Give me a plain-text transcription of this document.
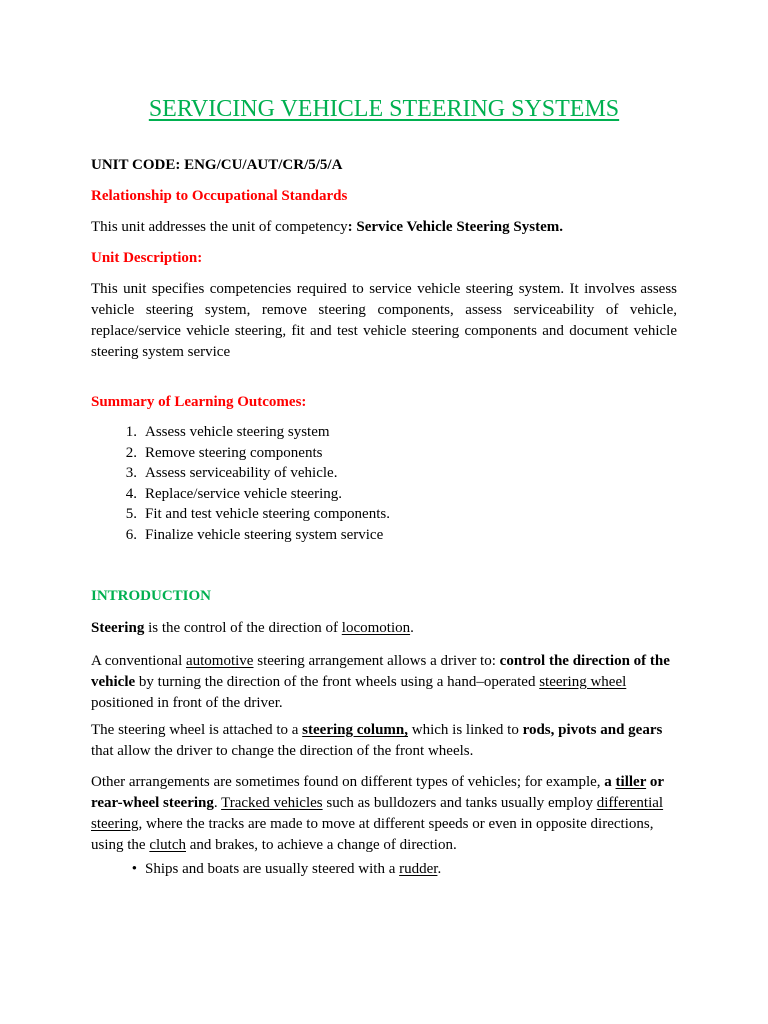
SERVICING VEHICLE STEERING SYSTEMS

UNIT CODE: ENG/CU/AUT/CR/5/5/A

Relationship to Occupational Standards

This unit addresses the unit of competency: Service Vehicle Steering System.

Unit Description:

This unit specifies competencies required to service vehicle steering system. It involves assess vehicle steering system, remove steering components, assess serviceability of vehicle, replace/service vehicle steering, fit and test vehicle steering components and document vehicle steering system service

Summary of Learning Outcomes:

1. Assess vehicle steering system
2. Remove steering components
3. Assess serviceability of vehicle.
4. Replace/service vehicle steering.
5. Fit and test vehicle steering components.
6. Finalize vehicle steering system service

INTRODUCTION

Steering is the control of the direction of locomotion.

A conventional automotive steering arrangement allows a driver to: control the direction of the vehicle by turning the direction of the front wheels using a hand–operated steering wheel positioned in front of the driver.

The steering wheel is attached to a steering column, which is linked to rods, pivots and gears that allow the driver to change the direction of the front wheels.

Other arrangements are sometimes found on different types of vehicles; for example, a tiller or rear-wheel steering. Tracked vehicles such as bulldozers and tanks usually employ differential steering, where the tracks are made to move at different speeds or even in opposite directions, using the clutch and brakes, to achieve a change of direction.

• Ships and boats are usually steered with a rudder.
